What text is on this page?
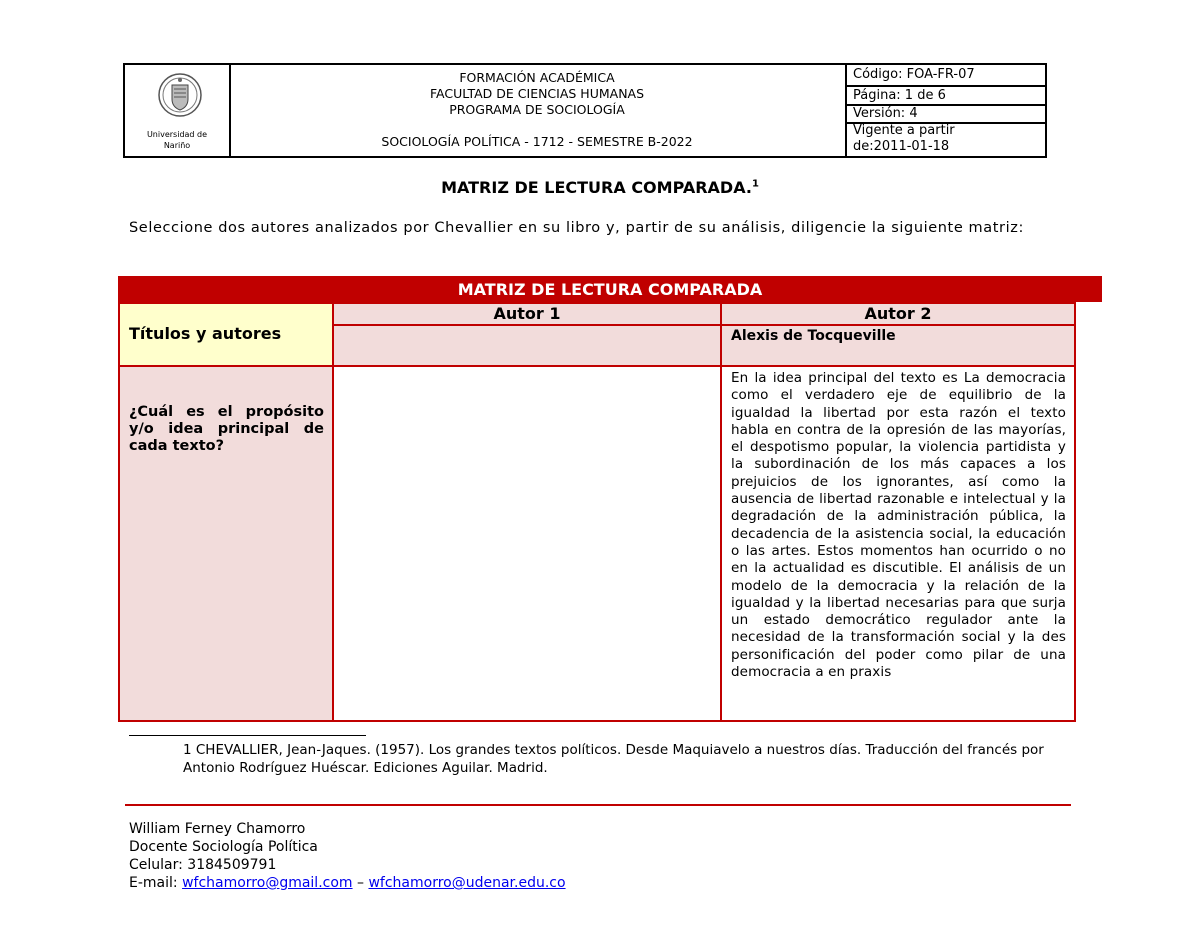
Universidad de
Nariño
FORMACIÓN ACADÉMICA
FACULTAD DE CIENCIAS HUMANAS
PROGRAMA DE SOCIOLOGÍA
SOCIOLOGÍA POLÍTICA - 1712 - SEMESTRE B-2022
Código: FOA-FR-07
Página: 1 de 6
Versión: 4
Vigente a partir
de:2011-01-18
MATRIZ DE LECTURA COMPARADA.$^1$
Seleccione dos autores analizados por Chevallier en su libro y, partir de su análisis, diligencie la siguiente matriz:
MATRIZ DE LECTURA COMPARADA
Títulos y autores
Autor 1	Autor 2
Alexis de Tocqueville
¿Cuál es el propósito y/o idea principal de cada texto?
En la idea principal del texto es La democracia como el verdadero eje de equilibrio de la igualdad la libertad por esta razón el texto habla en contra de la opresión de las mayorías, el despotismo popular, la violencia partidista y la subordinación de los más capaces a los prejuicios de los ignorantes, así como la ausencia de libertad razonable e intelectual y la degradación de la administración pública, la decadencia de la asistencia social, la educación o las artes. Estos momentos han ocurrido o no en la actualidad es discutible. El análisis de un modelo de la democracia y la relación de la igualdad y la libertad necesarias para que surja un estado democrático regulador ante la necesidad de la transformación social y la des personificación del poder como pilar de una democracia a en praxis
1 CHEVALLIER, Jean-Jaques. (1957). Los grandes textos políticos. Desde Maquiavelo a nuestros días. Traducción del francés por Antonio Rodríguez Huéscar. Ediciones Aguilar. Madrid.
William Ferney Chamorro
Docente Sociología Política
Celular: 3184509791
E-mail: wfchamorro@gmail.com – wfchamorro@udenar.edu.co
